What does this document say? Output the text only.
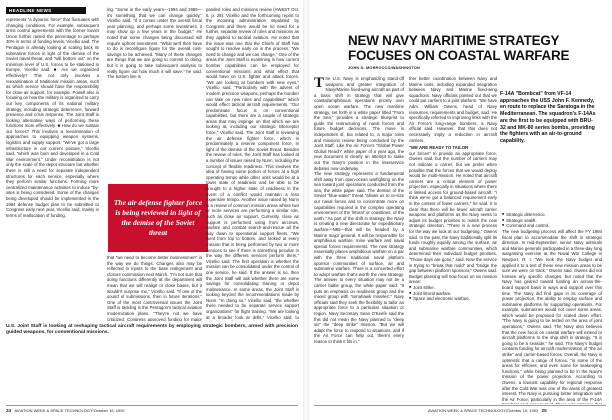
HEADLINE NEWS

represents "a dynamic force" that fluctuates with changing conditions. For example, subsequent arms control agreements with the former Soviet Union further raised the percentage to perhaps 30% in terms of funding levels, Vicellio said. The Pentagon is already looking at scaling back its submarine forces in light of the demise of the Soviet naval threat, and "will bottom out" on the minimum level of U.S. forces to be stationed in Europe, Vicellio said. ■ Are we organized effectively? This not only involves a reexamination of traditional mission areas, such as which service should have the responsibility for close air support, for example. Powell also is focusing on how the military is organized to carry out key components of its national military strategy, including strategic deterrence, forward presence and crisis response. The Joint Staff is looking alternative ways of performing these functions more effectively. ■ How do we sustain our forces? This involves a reexamination of approaches to equipping weapon systems, logistics and supply support. "We've got a large infrastructure in our current posture," Vicellio said, "which was born and developed in a Cold War environment." Under reconstitution is not only the scale of the depot structure but whether there is still a need for separate independent structures for each service, especially where they perform similar functions. Forming more centralized maintenance activities to induce "by-sites is being considered. Some of the changes being developed should be implemented in the 1994 defense budget plan to be submitted to Congress early next year, Vicellio said, mainly in terms of reallocation of funding.

ing. "Some in the early years—1994 and 1995—it's something that we can change quickly," Vicellio said. "If it comes under the overall fiscal year planning, and perhaps some investment, it may show up a few years in the budget." He noted that some changes being discussed will require upfront investment. "What we'll then have to do is reconfigure figure for the overall cost-savings to be achieved. "Many of these changes are things that we are going to commit to doing, but it is going to take subsequent analysis to really figure out how much it will save," he said. The bottom line is

The air defense fighter force is being reviewed in light of the demise of the Soviet threat

that "we need to become better businessmen" in the way we do things. Changes also may be reflected in inputs to the base realignment and closure commission next March. "I'm not sure that doing functions differently at the department will mean that we will realign or close bases, but it wouldn't surprise me," Vicellio said. "If one of the sound of submissions, then in future iterations." One of the most controversial issues the Joint Staff is tackling is the Pentagon's tactical aviation modernization plans. "They're not we have criticized. Congress approved funding for major

panded roles and missions review (AW&ST Oct. 5, p. 28). Vicellio and the forthcoming report to the incoming administration stipulated by Congress and there would be no need for a further, separate review of roles and missions as they applied to tactical aviation. He noted that the issue was one that the Chiefs of Staff has sought to resolve early on in the process. "We need to change and we can change." One of the areas the Joint Staff is examining is how current bomber capabilities can be employed for conventional missions and what effect that would have on U.S. fighter and attack forces. "We are looking at bombers with new eyes," Vicellio said. "Particularly with the advent of modern precision weapons, perhaps the bomber can take on new roles and capabilities" which would effect tactical aircraft requirements. "Our predominate focus is on conventional capabilities, but there are a couple of strategic areas that may impinge on that which we are looking at, including our strategic interceptor force," Vicellio said. The Joint Staff is reviewing the air defense fighter force, which is predominately a reserve component force, in light of the demise of the Soviet threat. Besides the review of roles, the Joint Staff has looked at a number of issues raised by Nunn, including the concept of flexible readiness. This involves the idea of having some portion of forces at a high operating tempo while other units would be at a lower state of readiness and be able to be brought to a higher state of readiness in the event of a conflict would maintain a less expensive tempo. Another issue raised by Nunn is a review of common mission areas where two or more services are performing a similar role, such as close air support. Currently, close air support is performed using from aircrews, warfare and combat search-and-rescue all the way down to operational support fleets. "We went from top to bottom, and looked at every mission that is being performed by two or more services to see if there is something peculiar in the way the different services perform them," Vicellio said. The first operation is whether the mission can be consolidated under the control of one service, he said. If the answer is no, then the Joint Staff will ask whether there are some savings for consolidating training or depot maintenance. In some areas, the Joint Staff is looking beyond the recommendations made by Nunn. "In doing so," Vicellio said, "the whether there needed to be separate service support organizations" for flight training. "We are looking at a broader look at drills," Vicellio said, to

U.S. Joint Staff is looking at reshaping tactical aircraft requirements by employing strategic bombers, armed with precision guided weapons, for conventional missions.
24 AVIATION WEEK & SPACE TECHNOLOGY/October 19, 1992
NEW NAVY MARITIME STRATEGY FOCUSES ON COASTAL WARFARE
JOHN D. MORROCCO/WASHINGTON

The U.S. Navy is emphasizing stand-off weapons and greater integration of Navy/Marine fixed-wing aircraft as part of a basic shift in strategy that will give coastal/amphibious operations priority over open ocean warfare. The new maritime strategy, set forth in a white paper titled "From the Sea," provides a strategic blueprint to guide the restructuring of naval forces and future budget decisions. The move is independent of, but related to, a major roles and missions review being conducted by the Joint Staff. Like the Air Force's "Global Power Global Reach" white paper of a year ago, the new document is clearly an attempt to stake out the Navy's position in the interservice debates now underway.

The new strategy represents a fundamental shift away from open-ocean warfighting on the sea toward joint operations conducted from the sea, the white paper said. The demise of the Soviet "blue-water" threat "allows us to re-size our naval forces and to concentrate more on capabilities required in the complex operating environment of the 'littoral' or coastlines, of the earth." As part of the shift in strategy, the Navy is creating a new directorate for expeditionary warfare—N85—that will be headed by a Marine major general. It will be responsible for amphibious warfare, mine warfare and naval special forces requirements. The new strategy essentially places amphibious warfare on a par with the three traditional naval platform sponsor communities of surface, air and submarine warfare. There is a concerted effort to adopt warfare that's worth the new strategy. The answer to every situation may not be a carrier battle group, the white paper said. "It puts an emphasis on readiness group and the mixed group with 'tomahawk missiles'." Navy officials said they seek the flexibility to tailor an appropriate force to a particular situation or region. Navy Secretary Sean O'Keefe said the this did not mean the Navy planned to "deep six" the "deep strike" mission. "But we will adapt the force to respond to situations, and if the Air Force can help out, there's every reason to think it fits in."

ther better coordination between Navy and Marine units, including expanded integration between Navy and Marine fixed-wing squadrons. Navy officials pointed out that we could put carriers to a joint platform. "We have Adm. William Owens, head of Navy resources, requirements and budget, said. He specifically referred to improving links with the Air Force's long-range bombers, a Navy official said. However, that this does not necessarily imply a reduction in aircraft carriers.

"WE ARE READY TO TAILOR

our forces" to provide an appropriate force, Owens said, but the number of carriers may not indicate a carrier, but we prefer when possible that the forces that we would deploy would be multi-mission. He noted that aircraft carriers are a critical element of power projection, especially in situations where there is limited access for ground-based aircraft. "I think we've got a balanced requirement early in the context of fewer carriers," he said. It is clear that there will be fewer aircraft carrier weapons and platforms as the Navy seeks to adjust its budget priorities to match the new strategic direction. "There is a new process for the way we look at our budgeting," Owens said. In the past, the Navy traditionally split its funds roughly equally among the surface, air and submarine warfare communities, which determined their individual budget priorities. "Those days are gone," said. Now the service is trying to "break that mold" and "bridge the gap between platform sponsors," Owens said. Budget planning will now focus on six mission areas:

■ Joint strike.
■ Joint littoral warfare.
■ Space and electronic warfare.
F-14A "Bombcat" from VF-14 approaches the USS John F. Kennedy, en route to replace the Saratoga in the Mediterranean. The squadron's F-14As are the first to be equipped with BRU-32 and MK-80 series bombs, providing the fighters with an air-to-ground capability.
■ Strategic deterrence.
■ Strategic sealift.
■ Command and control.

The new budgeting process will affect the FY 1994 fiscal plan to accommodate the shift in strategic direction. In mid-September, senior Navy admirals and Marine generals participated in a three-day long wargaming exercise at the Naval War College in Newport, R. I. "We took the Navy budget and applied it to a test of these new mission areas to be sure we were on track," Owens said. Owens did not foresee any specific changes, but noted that the Navy has geared toward funding an across-the-board support basis in ways and support over this time. The Navy did find gaps in its coverage of power projection, the ability to employ surface and submarine platforms for supporting operations. For example, submarines would not cover some areas, which would be proposed for scaled down effort. "The Navy is going to be tested on the area of joint operations," Owens said. The Navy also believes that the new focus on coastal warfare will extend to aircraft platforms to the ship shift in strategy. "It is going to be a seaside," he said. The Navy's budget contains funding for aircraft modernization of "the air strike" and carrier-based forces. Overall, the Navy is optimistic that a range of forces, "in some of the areas for efficient, and even some for seakeeping functions," while being planned to be in the Navy's mission of the power projection. According to Owens, a lowcost capability for regional response after the Cold War was one of the areas of greatest interest. The Navy is pursuing better integration with the Air Force, particularly in the area of the F-14A

AVIATION WEEK & SPACE TECHNOLOGY/October 19, 1992 25
